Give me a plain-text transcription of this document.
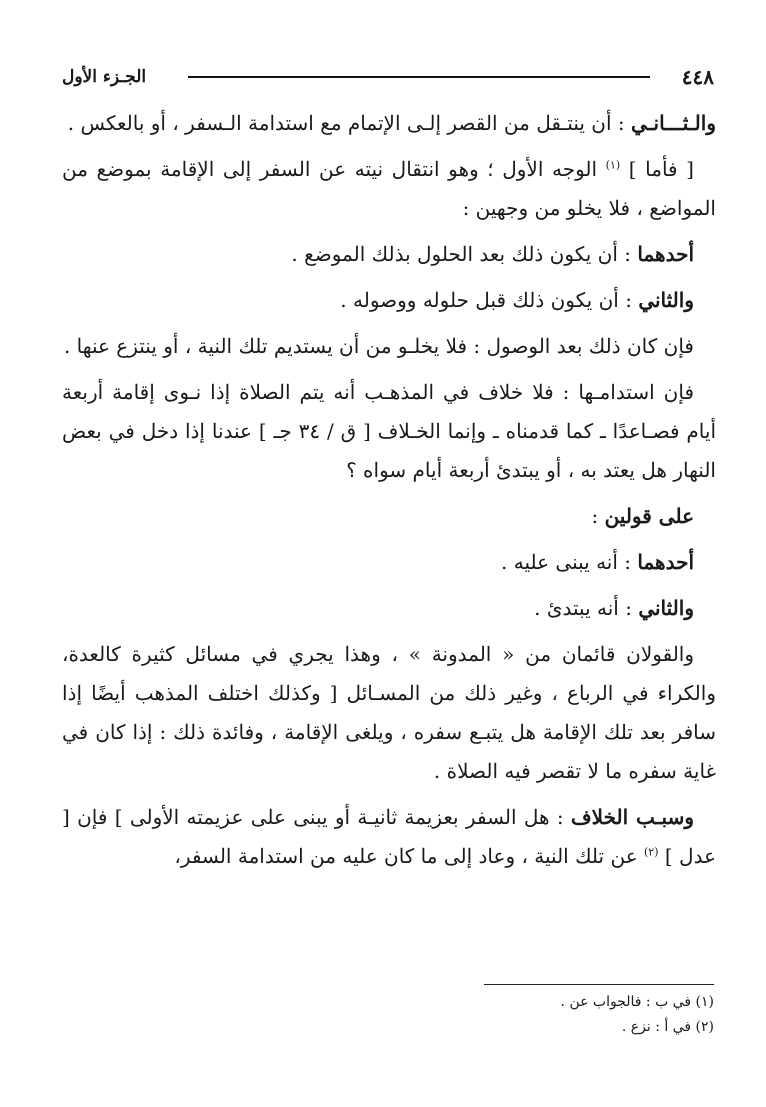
٤٤٨
الجـزء الأول

والـثـــانـي : أن ينتـقل من القصر إلـى الإتمام مع استدامة الـسفر ، أو بالعكس .

[ فأما ] $^{(١)}$ الوجه الأول ؛ وهو انتقال نيته عن السفر إلى الإقامة بموضع من المواضع ، فلا يخلو من وجهين :

أحدهما : أن يكون ذلك بعد الحلول بذلك الموضع .

والثاني : أن يكون ذلك قبل حلوله ووصوله .

فإن كان ذلك بعد الوصول : فلا يخلـو من أن يستديم تلك النية ، أو ينتزع عنها .

فإن استدامـها : فلا خلاف في المذهـب أنه يتم الصلاة إذا نـوى إقامة أربعة أيام فصـاعدًا ـ كما قدمناه ـ وإنما الخـلاف [ ق / ٣٤ جـ ] عندنا إذا دخل في بعض النهار هل يعتد به ، أو يبتدئ أربعة أيام سواه ؟

على قولين :

أحدهما : أنه يبنى عليه .

والثاني : أنه يبتدئ .

والقولان قائمان من « المدونة » ، وهذا يجري في مسائل كثيرة كالعدة، والكراء في الرباع ، وغير ذلك من المسـائل [ وكذلك اختلف المذهب أيضًا إذا سافر بعد تلك الإقامة هل يتبـع سفره ، ويلغى الإقامة ، وفائدة ذلك : إذا كان في غاية سفره ما لا تقصر فيه الصلاة .

وسبـب الخلاف : هل السفر بعزيمة ثانيـة أو يبنى على عزيمته الأولى ] فإن [ عدل ] $^{(٢)}$ عن تلك النية ، وعاد إلى ما كان عليه من استدامة السفر،

(١) في ب : فالجواب عن .
(٢) في أ : نزع .
